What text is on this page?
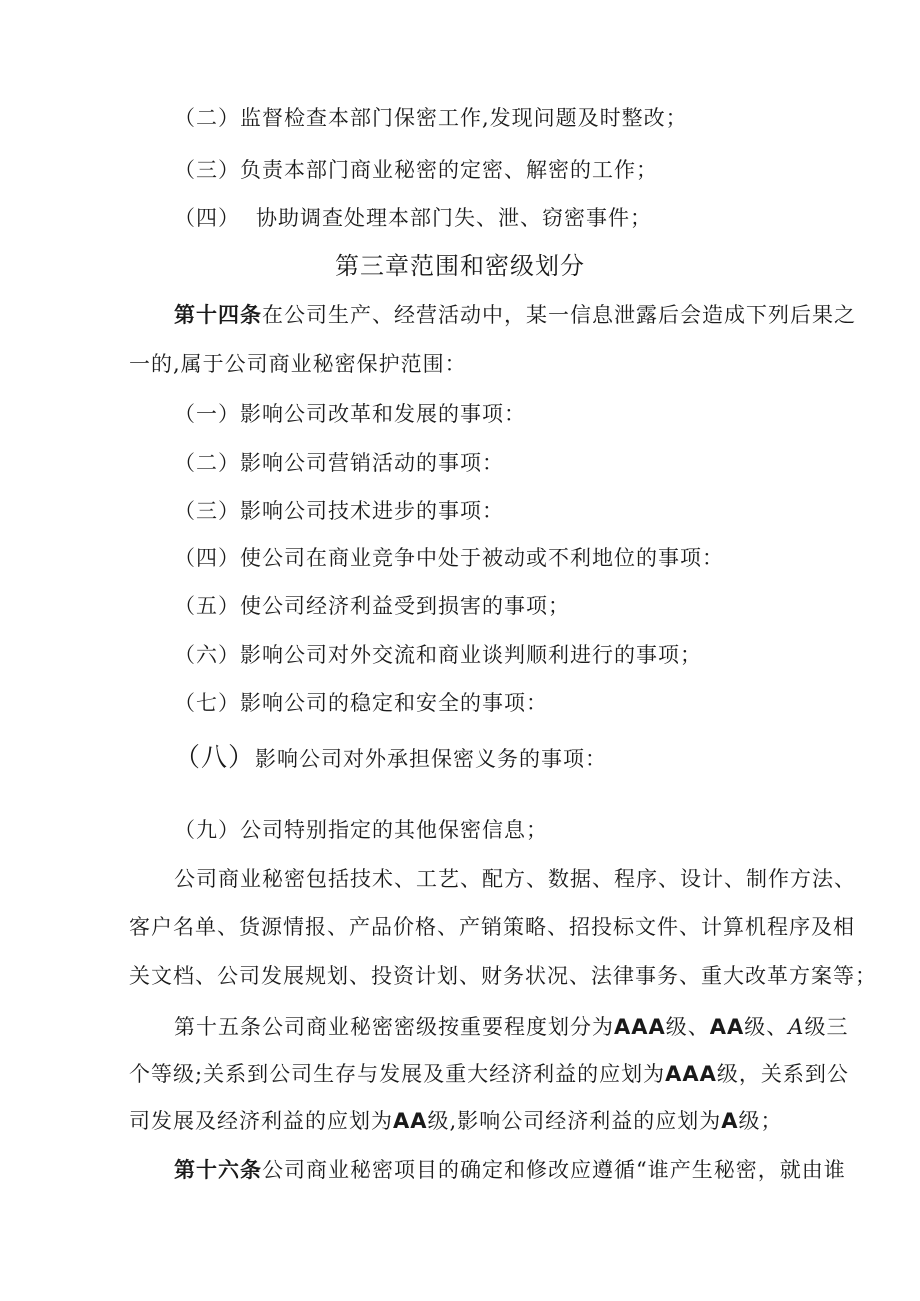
（二）监督检查本部门保密工作,发现问题及时整改；
（三）负责本部门商业秘密的定密、解密的工作；
（四） 协助调查处理本部门失、泄、窃密事件；
第三章范围和密级划分
第十四条在公司生产、经营活动中，某一信息泄露后会造成下列后果之
一的,属于公司商业秘密保护范围：
（一）影响公司改革和发展的事项：
（二）影响公司营销活动的事项：
（三）影响公司技术进步的事项：
（四）使公司在商业竞争中处于被动或不利地位的事项：
（五）使公司经济利益受到损害的事项；
（六）影响公司对外交流和商业谈判顺利进行的事项；
（七）影响公司的稳定和安全的事项：
（八）影响公司对外承担保密义务的事项：
（九）公司特别指定的其他保密信息；
公司商业秘密包括技术、工艺、配方、数据、程序、设计、制作方法、
客户名单、货源情报、产品价格、产销策略、招投标文件、计算机程序及相
关文档、公司发展规划、投资计划、财务状况、法律事务、重大改革方案等；
第十五条公司商业秘密密级按重要程度划分为AAA级、AA级、A级三
个等级;关系到公司生存与发展及重大经济利益的应划为AAA级，关系到公
司发展及经济利益的应划为AA级,影响公司经济利益的应划为A级；
第十六条公司商业秘密项目的确定和修改应遵循“谁产生秘密，就由谁
